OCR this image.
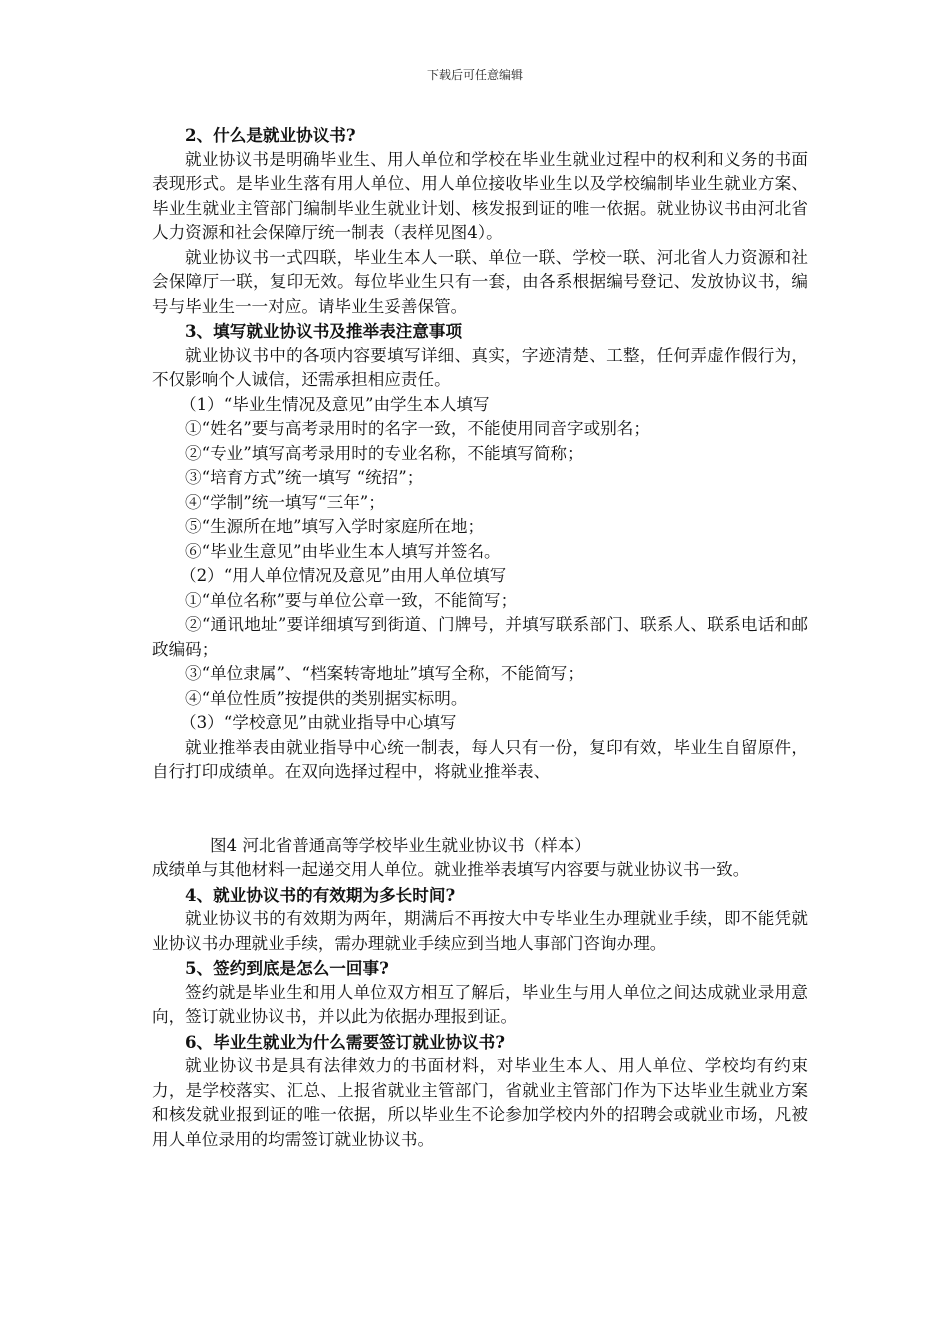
下载后可任意编辑

2、什么是就业协议书?

就业协议书是明确毕业生、用人单位和学校在毕业生就业过程中的权利和义务的书面表现形式。是毕业生落有用人单位、用人单位接收毕业生以及学校编制毕业生就业方案、毕业生就业主管部门编制毕业生就业计划、核发报到证的唯一依据。就业协议书由河北省人力资源和社会保障厅统一制表（表样见图4）。

就业协议书一式四联，毕业生本人一联、单位一联、学校一联、河北省人力资源和社会保障厅一联，复印无效。每位毕业生只有一套，由各系根据编号登记、发放协议书，编号与毕业生一一对应。请毕业生妥善保管。

3、填写就业协议书及推举表注意事项

就业协议书中的各项内容要填写详细、真实，字迹清楚、工整，任何弄虚作假行为，不仅影响个人诚信，还需承担相应责任。

（1）“毕业生情况及意见”由学生本人填写

①“姓名”要与高考录用时的名字一致，不能使用同音字或别名；

②“专业”填写高考录用时的专业名称，不能填写简称；

③“培育方式”统一填写 “统招”；

④“学制”统一填写“三年”；

⑤“生源所在地”填写入学时家庭所在地；

⑥“毕业生意见”由毕业生本人填写并签名。

（2）“用人单位情况及意见”由用人单位填写

①“单位名称”要与单位公章一致，不能简写；

②“通讯地址”要详细填写到街道、门牌号，并填写联系部门、联系人、联系电话和邮政编码；

③“单位隶属”、“档案转寄地址”填写全称，不能简写；

④“单位性质”按提供的类别据实标明。

（3）“学校意见”由就业指导中心填写

就业推举表由就业指导中心统一制表，每人只有一份，复印有效，毕业生自留原件，自行打印成绩单。在双向选择过程中，将就业推举表、

图4 河北省普通高等学校毕业生就业协议书（样本）

成绩单与其他材料一起递交用人单位。就业推举表填写内容要与就业协议书一致。

4、就业协议书的有效期为多长时间?

就业协议书的有效期为两年，期满后不再按大中专毕业生办理就业手续，即不能凭就业协议书办理就业手续，需办理就业手续应到当地人事部门咨询办理。

5、签约到底是怎么一回事?

签约就是毕业生和用人单位双方相互了解后，毕业生与用人单位之间达成就业录用意向，签订就业协议书，并以此为依据办理报到证。

6、毕业生就业为什么需要签订就业协议书?

就业协议书是具有法律效力的书面材料，对毕业生本人、用人单位、学校均有约束力，是学校落实、汇总、上报省就业主管部门，省就业主管部门作为下达毕业生就业方案和核发就业报到证的唯一依据，所以毕业生不论参加学校内外的招聘会或就业市场，凡被用人单位录用的均需签订就业协议书。
